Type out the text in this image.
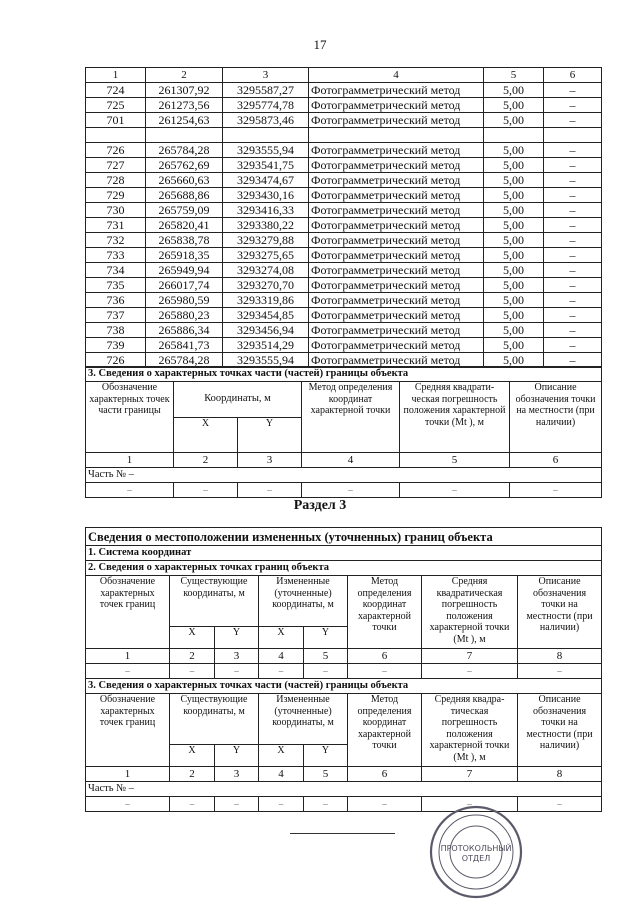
17
1	2	3	4	5	6
724	261307,92	3295587,27	Фотограмметрический метод	5,00	–
725	261273,56	3295774,78	Фотограмметрический метод	5,00	–
701	261254,63	3295873,46	Фотограмметрический метод	5,00	–

726	265784,28	3293555,94	Фотограмметрический метод	5,00	–
727	265762,69	3293541,75	Фотограмметрический метод	5,00	–
728	265660,63	3293474,67	Фотограмметрический метод	5,00	–
729	265688,86	3293430,16	Фотограмметрический метод	5,00	–
730	265759,09	3293416,33	Фотограмметрический метод	5,00	–
731	265820,41	3293380,22	Фотограмметрический метод	5,00	–
732	265838,78	3293279,88	Фотограмметрический метод	5,00	–
733	265918,35	3293275,65	Фотограмметрический метод	5,00	–
734	265949,94	3293274,08	Фотограмметрический метод	5,00	–
735	266017,74	3293270,70	Фотограмметрический метод	5,00	–
736	265980,59	3293319,86	Фотограмметрический метод	5,00	–
737	265880,23	3293454,85	Фотограмметрический метод	5,00	–
738	265886,34	3293456,94	Фотограмметрический метод	5,00	–
739	265841,73	3293514,29	Фотограмметрический метод	5,00	–
726	265784,28	3293555,94	Фотограмметрический метод	5,00	–
3. Сведения о характерных точках части (частей) границы объекта					
Обозначение характерных точек части границы	Координаты, м		Метод определения координат характерной точки	Средняя квадрати-ческая погрешность положения характерной точки (Mt ), м	Описание обозначения точки на местности (при наличии)
	X	Y			
1	2	3	4	5	6
Часть № –					
–	–	–	–	–	–
Раздел 3
Сведения о местоположении измененных (уточненных) границ объекта							
1. Система координат							
2. Сведения о характерных точках границ объекта							
Обозначение характерных точек границ	Существующие координаты, м		Измененные (уточненные) координаты, м		Метод определения координат характерной точки	Средняя квадратическая погрешность положения характерной точки (Mt ), м	Описание обозначения точки на местности (при наличии)
	X	Y	X	Y			
1	2	3	4	5	6	7	8
–	–	–	–	–	–	–	–
3. Сведения о характерных точках части (частей) границы объекта							
Обозначение характерных точек границ	Существующие координаты, м		Измененные (уточненные) координаты, м		Метод определения координат характерной точки	Средняя квадра-тическая погрешность положения характерной точки (Mt ), м	Описание обозначения точки на местности (при наличии)
	X	Y	X	Y			
1	2	3	4	5	6	7	8
Часть № –							
–	–	–	–	–	–	–	–
ПРОТОКОЛЬНЫЙ
ОТДЕЛ
